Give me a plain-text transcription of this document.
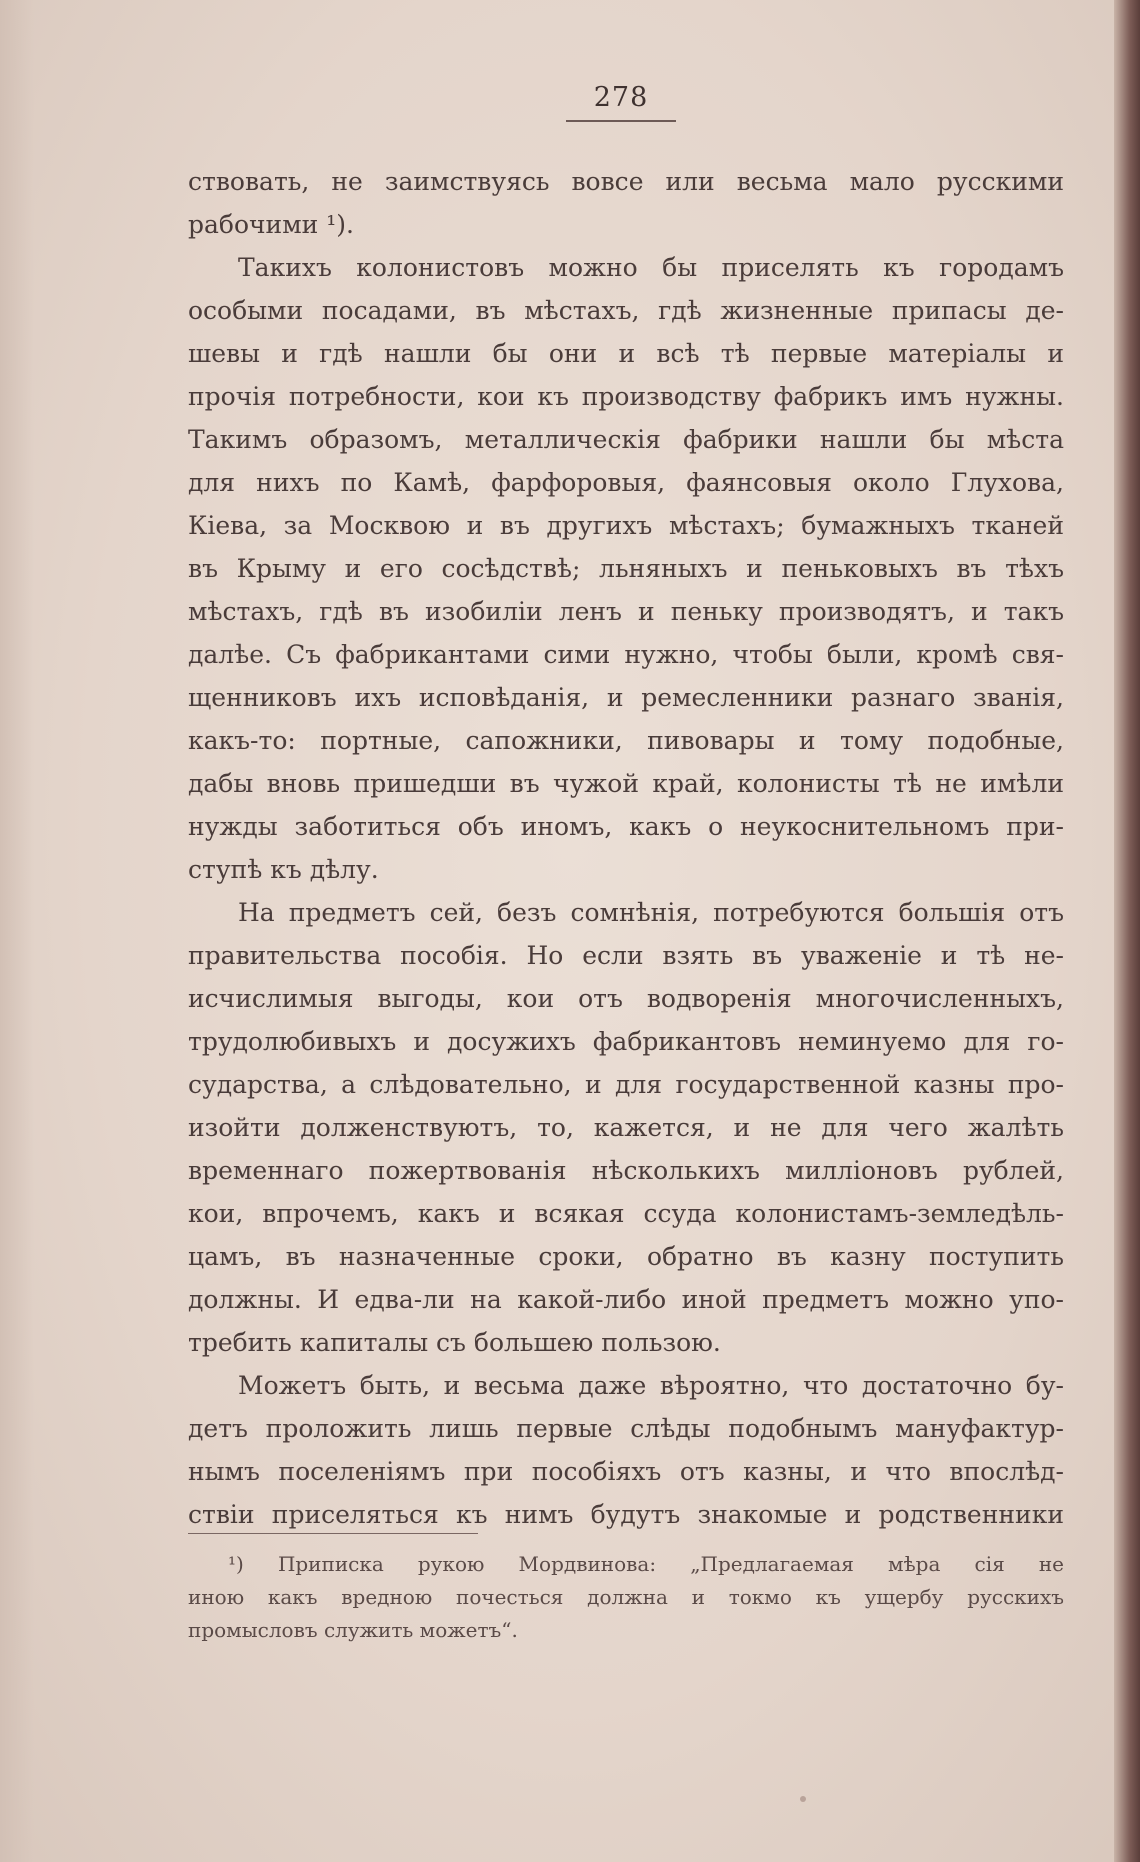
278
ствовать, не заимствуясь вовсе или весьма мало русскими
рабочими ¹).
Такихъ колонистовъ можно бы приселять къ городамъ
особыми посадами, въ мѣстахъ, гдѣ жизненные припасы де-
шевы и гдѣ нашли бы они и всѣ тѣ первые матеріалы и
прочія потребности, кои къ производству фабрикъ имъ нужны.
Такимъ образомъ, металлическія фабрики нашли бы мѣста
для нихъ по Камѣ, фарфоровыя, фаянсовыя около Глухова,
Кіева, за Москвою и въ другихъ мѣстахъ; бумажныхъ тканей
въ Крыму и его сосѣдствѣ; льняныхъ и пеньковыхъ въ тѣхъ
мѣстахъ, гдѣ въ изобиліи ленъ и пеньку производятъ, и такъ
далѣе. Съ фабрикантами сими нужно, чтобы были, кромѣ свя-
щенниковъ ихъ исповѣданія, и ремесленники разнаго званія,
какъ-то: портные, сапожники, пивовары и тому подобные,
дабы вновь пришедши въ чужой край, колонисты тѣ не имѣли
нужды заботиться объ иномъ, какъ о неукоснительномъ при-
ступѣ къ дѣлу.
На предметъ сей, безъ сомнѣнія, потребуются большія отъ
правительства пособія. Но если взять въ уваженіе и тѣ не-
исчислимыя выгоды, кои отъ водворенія многочисленныхъ,
трудолюбивыхъ и досужихъ фабрикантовъ неминуемо для го-
сударства, а слѣдовательно, и для государственной казны про-
изойти долженствуютъ, то, кажется, и не для чего жалѣть
временнаго пожертвованія нѣсколькихъ милліоновъ рублей,
кои, впрочемъ, какъ и всякая ссуда колонистамъ-земледѣль-
цамъ, въ назначенные сроки, обратно въ казну поступить
должны. И едва-ли на какой-либо иной предметъ можно упо-
требить капиталы съ большею пользою.
Можетъ быть, и весьма даже вѣроятно, что достаточно бу-
детъ проложить лишь первые слѣды подобнымъ мануфактур-
нымъ поселеніямъ при пособіяхъ отъ казны, и что впослѣд-
ствіи приселяться къ нимъ будутъ знакомые и родственники
¹) Приписка рукою Мордвинова: „Предлагаемая мѣра сія не
иною какъ вредною почесться должна и токмо къ ущербу русскихъ
промысловъ служить можетъ“.
